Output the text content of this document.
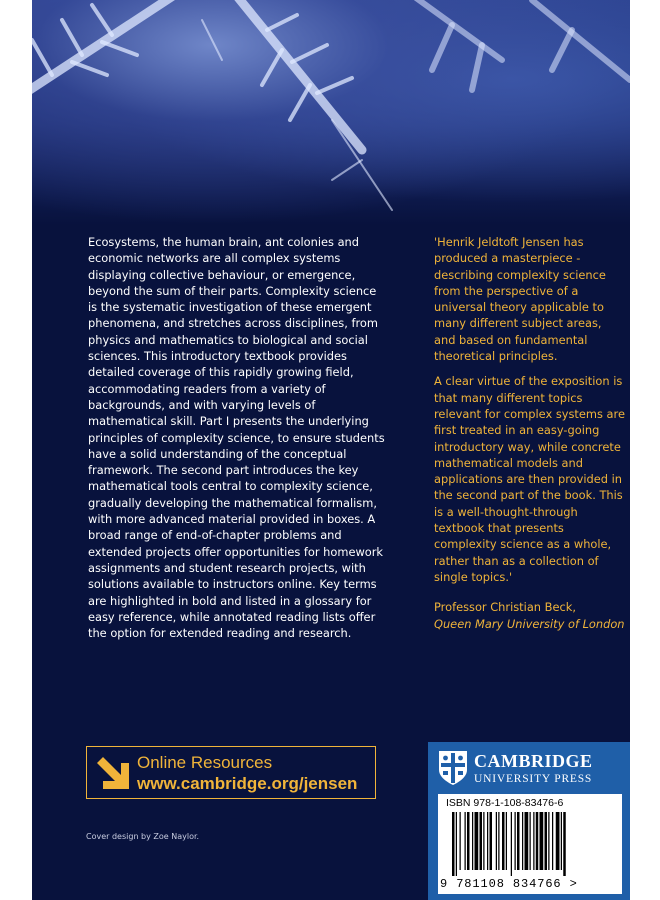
Ecosystems, the human brain, ant colonies and economic networks are all complex systems displaying collective behaviour, or emergence, beyond the sum of their parts. Complexity science is the systematic investigation of these emergent phenomena, and stretches across disciplines, from physics and mathematics to biological and social sciences. This introductory textbook provides detailed coverage of this rapidly growing field, accommodating readers from a variety of backgrounds, and with varying levels of mathematical skill. Part I presents the underlying principles of complexity science, to ensure students have a solid understanding of the conceptual framework. The second part introduces the key mathematical tools central to complexity science, gradually developing the mathematical formalism, with more advanced material provided in boxes. A broad range of end-of-chapter problems and extended projects offer opportunities for homework assignments and student research projects, with solutions available to instructors online. Key terms are highlighted in bold and listed in a glossary for easy reference, while annotated reading lists offer the option for extended reading and research.

'Henrik Jeldtoft Jensen has produced a masterpiece - describing complexity science from the perspective of a universal theory applicable to many different subject areas, and based on fundamental theoretical principles.

A clear virtue of the exposition is that many different topics relevant for complex systems are first treated in an easy-going introductory way, while concrete mathematical models and applications are then provided in the second part of the book. This is a well-thought-through textbook that presents complexity science as a whole, rather than as a collection of single topics.'

Professor Christian Beck,

Queen Mary University of London

Online Resources
www.cambridge.org/jensen
Cover design by Zoe Naylor.
CAMBRIDGE
UNIVERSITY PRESS
ISBN 978-1-108-83476-6
9 781108 834766 >
